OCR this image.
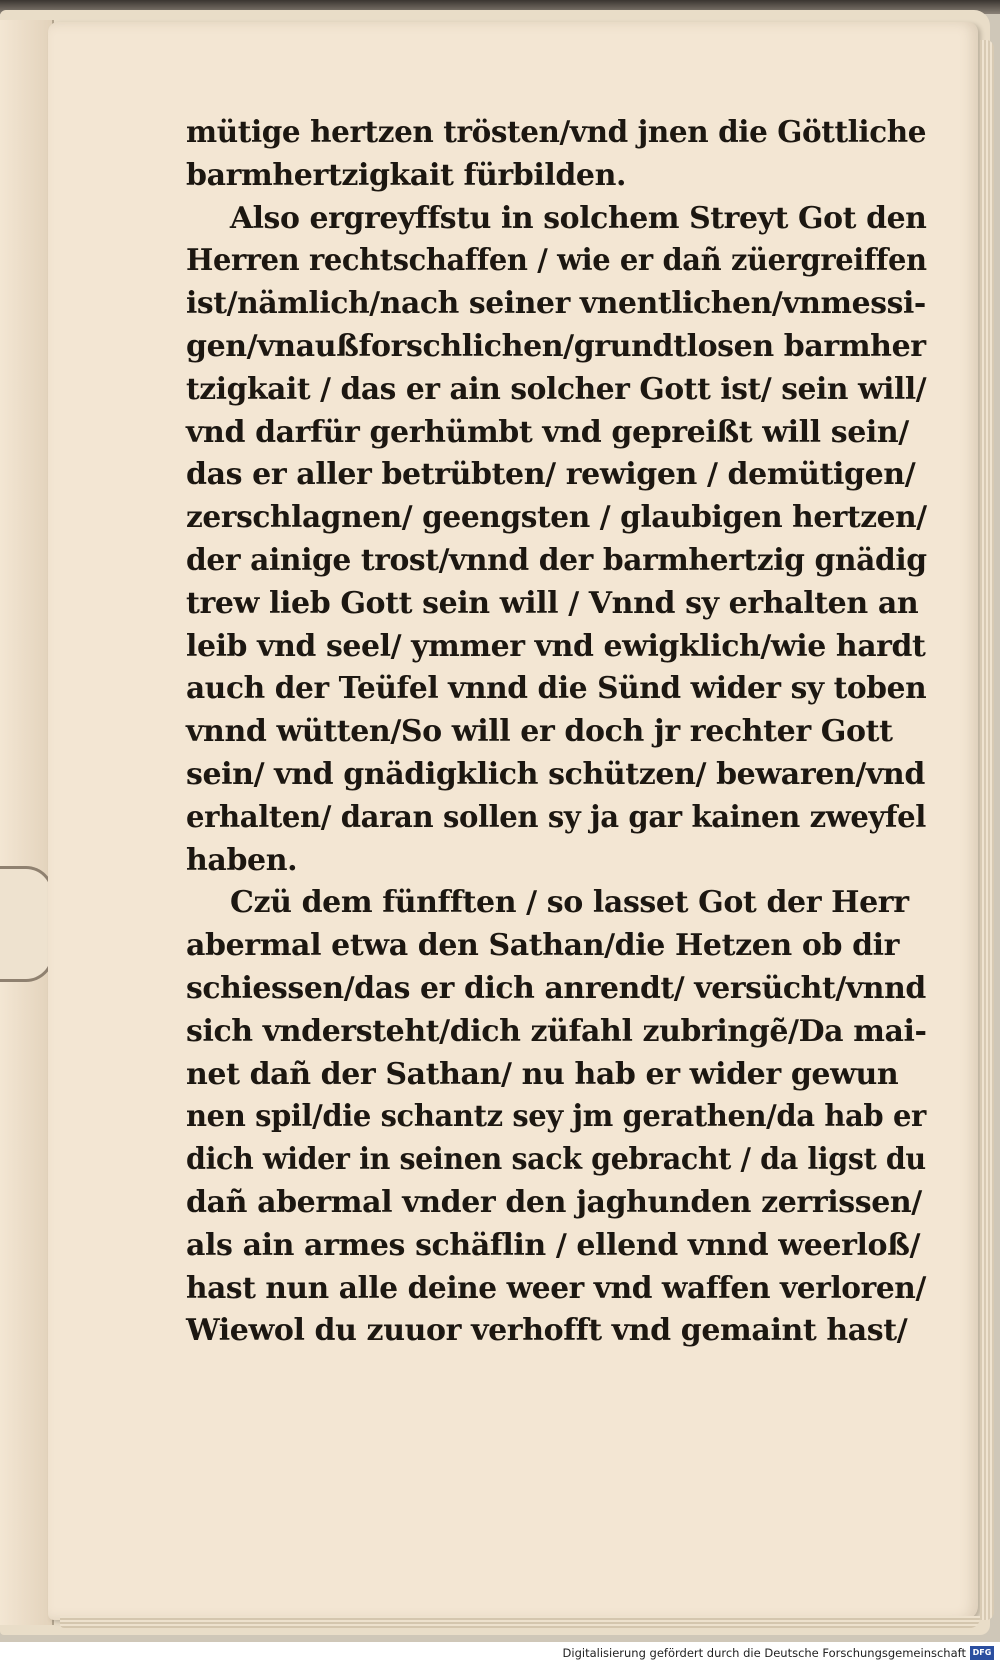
mütige hertzen trösten/vnd jnen die Göttliche
barmhertzigkait fürbilden.
Also ergreyffstu in solchem Streyt Got den
Herren rechtschaffen / wie er dañ züergreiffen
ist/nämlich/nach seiner vnentlichen/vnmessi-
gen/vnaußforschlichen/grundtlosen barmher
tzigkait / das er ain solcher Gott ist/ sein will/
vnd darfür gerhümbt vnd gepreißt will sein/
das er aller betrübten/ rewigen / demütigen/
zerschlagnen/ geengsten / glaubigen hertzen/
der ainige trost/vnnd der barmhertzig gnädig
trew lieb Gott sein will / Vnnd sy erhalten an
leib vnd seel/ ymmer vnd ewigklich/wie hardt
auch der Teüfel vnnd die Sünd wider sy toben
vnnd wütten/So will er doch jr rechter Gott
sein/ vnd gnädigklich schützen/ bewaren/vnd
erhalten/ daran sollen sy ja gar kainen zweyfel
haben.
Czü dem fünfften / so lasset Got der Herr
abermal etwa den Sathan/die Hetzen ob dir
schiessen/das er dich anrendt/ versücht/vnnd
sich vndersteht/dich züfahl zubringẽ/Da mai-
net dañ der Sathan/ nu hab er wider gewun
nen spil/die schantz sey jm gerathen/da hab er
dich wider in seinen sack gebracht / da ligst du
dañ abermal vnder den jaghunden zerrissen/
als ain armes schäflin / ellend vnnd weerloß/
hast nun alle deine weer vnd waffen verloren/
Wiewol du zuuor verhofft vnd gemaint hast/
Digitalisierung gefördert durch die Deutsche Forschungsgemeinschaft DFG
